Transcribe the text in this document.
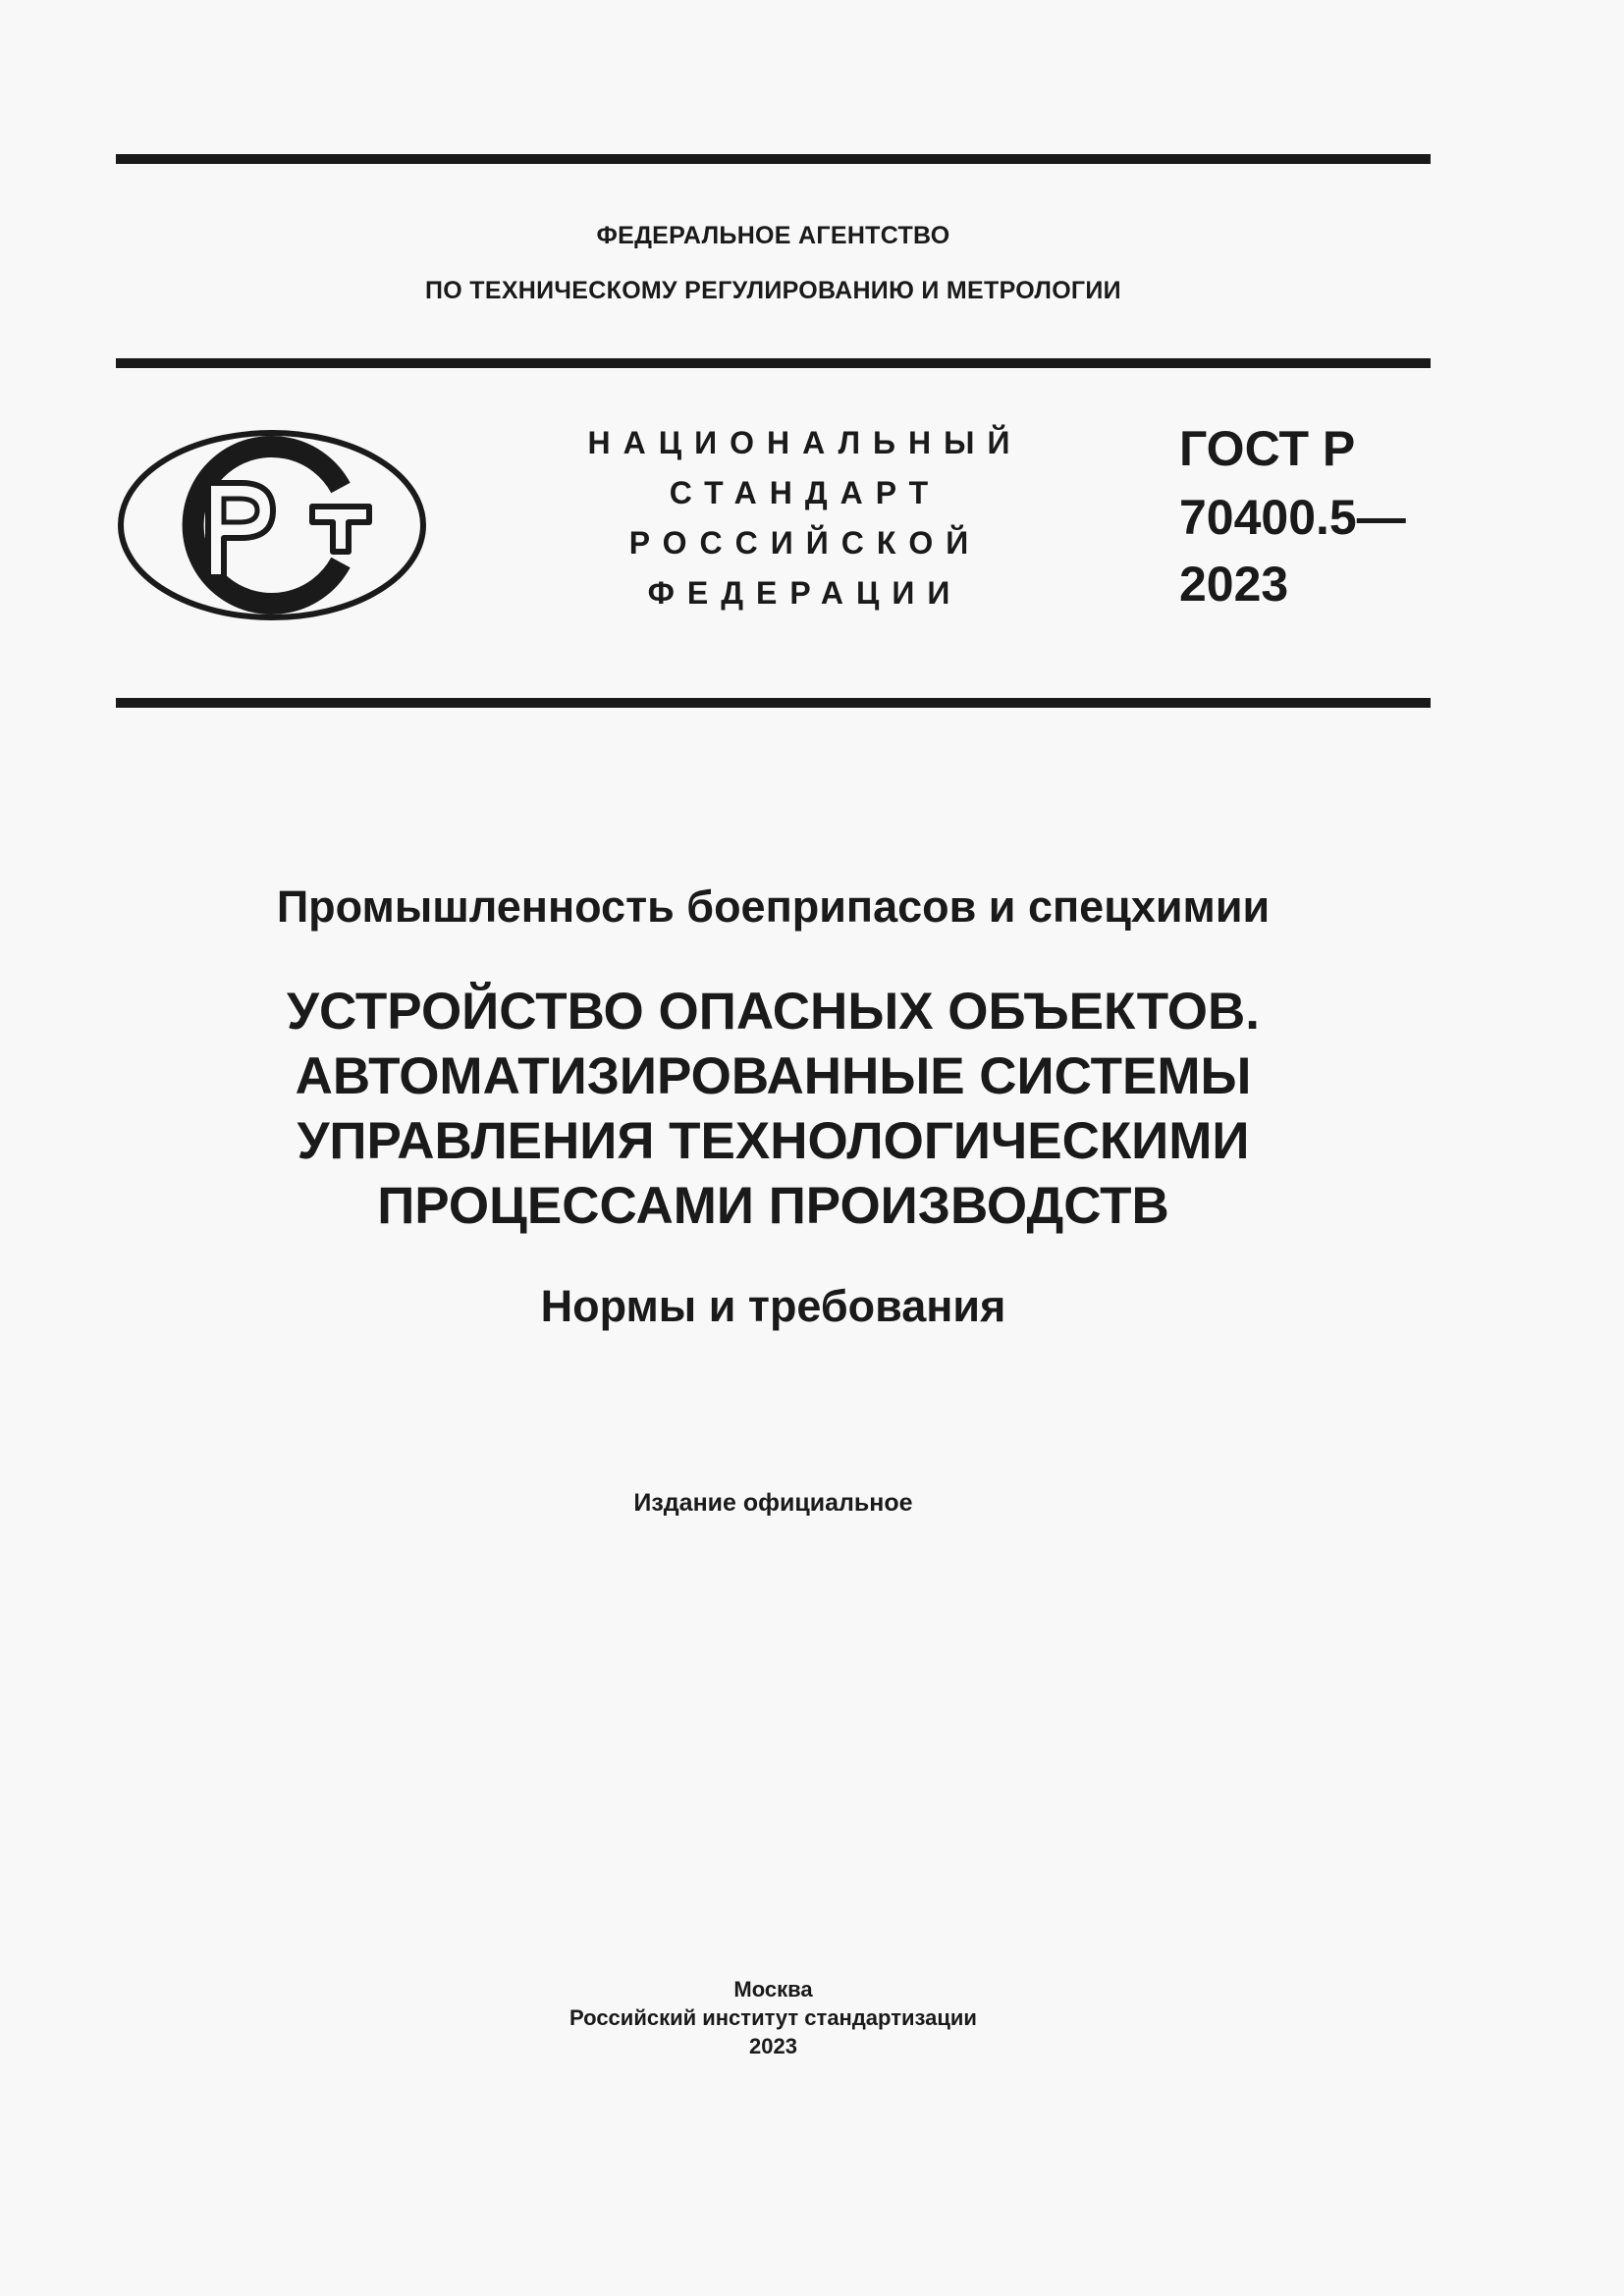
ФЕДЕРАЛЬНОЕ АГЕНТСТВО
ПО ТЕХНИЧЕСКОМУ РЕГУЛИРОВАНИЮ И МЕТРОЛОГИИ
НАЦИОНАЛЬНЫЙ
СТАНДАРТ
РОССИЙСКОЙ
ФЕДЕРАЦИИ
ГОСТ Р
70400.5—
2023
Промышленность боеприпасов и спецхимии
УСТРОЙСТВО ОПАСНЫХ ОБЪЕКТОВ.
АВТОМАТИЗИРОВАННЫЕ СИСТЕМЫ
УПРАВЛЕНИЯ ТЕХНОЛОГИЧЕСКИМИ
ПРОЦЕССАМИ ПРОИЗВОДСТВ
Нормы и требования
Издание официальное
Москва
Российский институт стандартизации
2023
